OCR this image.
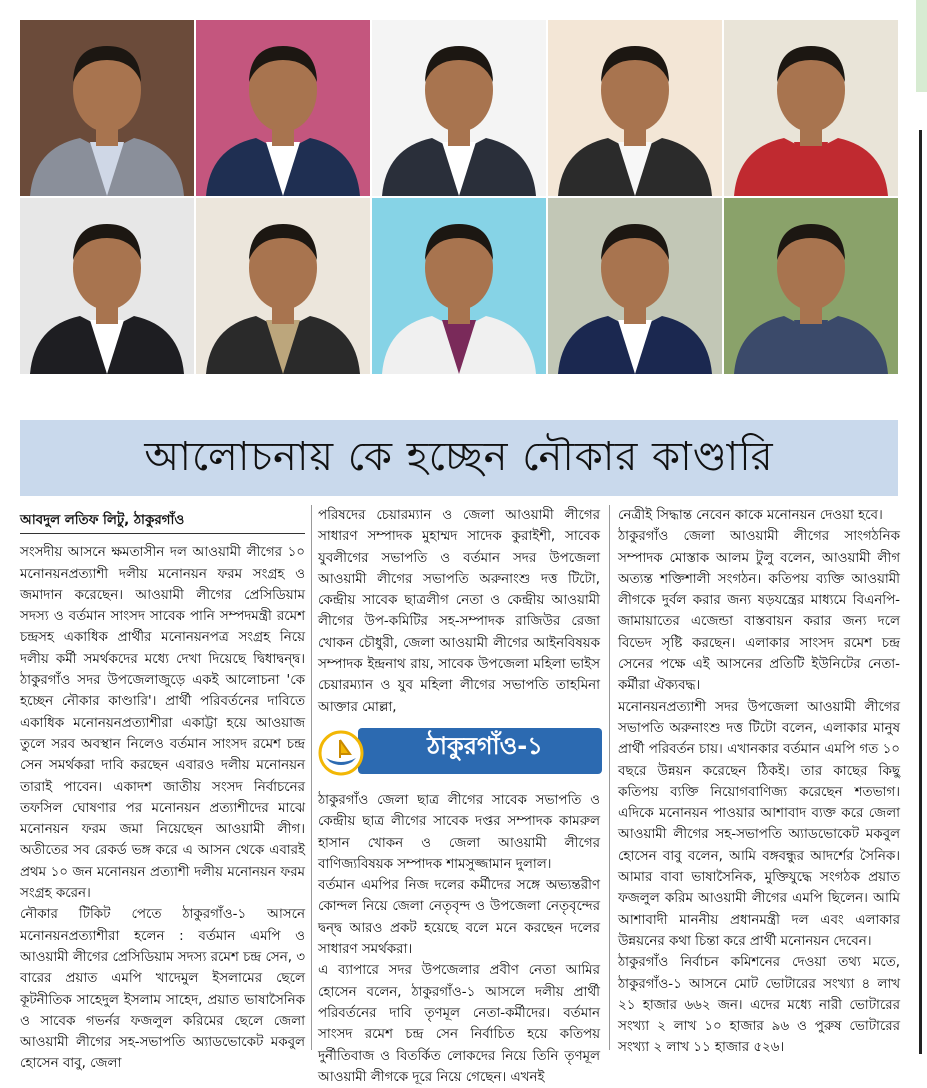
আলোচনায় কে হচ্ছেন নৌকার কাণ্ডারি
আবদুল লতিফ লিটু, ঠাকুরগাঁও

সংসদীয় আসনে ক্ষমতাসীন দল আওয়ামী লীগের ১০ মনোনয়নপ্রত্যাশী দলীয় মনোনয়ন ফরম সংগ্রহ ও জমাদান করেছেন। আওয়ামী লীগের প্রেসিডিয়াম সদস্য ও বর্তমান সাংসদ সাবেক পানি সম্পদমন্ত্রী রমেশ চন্দ্রসহ একাধিক প্রার্থীর মনোনয়নপত্র সংগ্রহ নিয়ে দলীয় কর্মী সমর্থকদের মধ্যে দেখা দিয়েছে দ্বিধাদ্বন্দ্ব। ঠাকুরগাঁও সদর উপজেলাজুড়ে একই আলোচনা 'কে হচ্ছেন নৌকার কাণ্ডারি'। প্রার্থী পরিবর্তনের দাবিতে একাধিক মনোনয়নপ্রত্যাশীরা একাট্টা হয়ে আওয়াজ তুলে সরব অবস্থান নিলেও বর্তমান সাংসদ রমেশ চন্দ্র সেন সমর্থকরা দাবি করছেন এবারও দলীয় মনোনয়ন তারাই পাবেন। একাদশ জাতীয় সংসদ নির্বাচনের তফসিল ঘোষণার পর মনোনয়ন প্রত্যাশীদের মাঝে মনোনয়ন ফরম জমা নিয়েছেন আওয়ামী লীগ। অতীতের সব রেকর্ড ভঙ্গ করে এ আসন থেকে এবারই প্রথম ১০ জন মনোনয়ন প্রত্যাশী দলীয় মনোনয়ন ফরম সংগ্রহ করেন।

নৌকার টিকিট পেতে ঠাকুরগাঁও-১ আসনে মনোনয়নপ্রত্যাশীরা হলেন : বর্তমান এমপি ও আওয়ামী লীগের প্রেসিডিয়াম সদস্য রমেশ চন্দ্র সেন, ৩ বারের প্রয়াত এমপি খাদেমুল ইসলামের ছেলে কূটনীতিক সাহেদুল ইসলাম সাহেদ, প্রয়াত ভাষাসৈনিক ও সাবেক গভর্নর ফজলুল করিমের ছেলে জেলা আওয়ামী লীগের সহ-সভাপতি অ্যাডভোকেট মকবুল হোসেন বাবু, জেলা

পরিষদের চেয়ারম্যান ও জেলা আওয়ামী লীগের সাধারণ সম্পাদক মুহাম্মদ সাদেক কুরাইশী, সাবেক যুবলীগের সভাপতি ও বর্তমান সদর উপজেলা আওয়ামী লীগের সভাপতি অরুনাংশু দত্ত টিটো, কেন্দ্রীয় সাবেক ছাত্রলীগ নেতা ও কেন্দ্রীয় আওয়ামী লীগের উপ-কমিটির সহ-সম্পাদক রাজিউর রেজা খোকন চৌধুরী, জেলা আওয়ামী লীগের আইনবিষয়ক সম্পাদক ইন্দ্রনাথ রায়, সাবেক উপজেলা মহিলা ভাইস চেয়ারম্যান ও যুব মহিলা লীগের সভাপতি তাহমিনা আক্তার মোল্লা,

ঠাকুরগাঁও-১

ঠাকুরগাঁও জেলা ছাত্র লীগের সাবেক সভাপতি ও কেন্দ্রীয় ছাত্র লীগের সাবেক দপ্তর সম্পাদক কামরুল হাসান খোকন ও জেলা আওয়ামী লীগের বাণিজ্যবিষয়ক সম্পাদক শামসুজ্জামান দুলাল।

বর্তমান এমপির নিজ দলের কর্মীদের সঙ্গে অভ্যন্তরীণ কোন্দল নিয়ে জেলা নেতৃবৃন্দ ও উপজেলা নেতৃবৃন্দের দ্বন্দ্ব আরও প্রকট হয়েছে বলে মনে করছেন দলের সাধারণ সমর্থকরা।

এ ব্যাপারে সদর উপজেলার প্রবীণ নেতা আমির হোসেন বলেন, ঠাকুরগাঁও-১ আসলে দলীয় প্রার্থী পরিবর্তনের দাবি তৃণমূল নেতা-কর্মীদের। বর্তমান সাংসদ রমেশ চন্দ্র সেন নির্বাচিত হয়ে কতিপয় দুর্নীতিবাজ ও বিতর্কিত লোকদের নিয়ে তিনি তৃণমূল আওয়ামী লীগকে দূরে নিয়ে গেছেন। এখনই

নেত্রীই সিদ্ধান্ত নেবেন কাকে মনোনয়ন দেওয়া হবে।

ঠাকুরগাঁও জেলা আওয়ামী লীগের সাংগঠনিক সম্পাদক মোস্তাক আলম টুলু বলেন, আওয়ামী লীগ অত্যন্ত শক্তিশালী সংগঠন। কতিপয় ব্যক্তি আওয়ামী লীগকে দুর্বল করার জন্য ষড়যন্ত্রের মাধ্যমে বিএনপি-জামায়াতের এজেন্ডা বাস্তবায়ন করার জন্য দলে বিভেদ সৃষ্টি করছেন। এলাকার সাংসদ রমেশ চন্দ্র সেনের পক্ষে এই আসনের প্রতিটি ইউনিটের নেতা-কর্মীরা ঐক্যবদ্ধ।

মনোনয়নপ্রত্যাশী সদর উপজেলা আওয়ামী লীগের সভাপতি অরুনাংশু দত্ত টিটো বলেন, এলাকার মানুষ প্রার্থী পরিবর্তন চায়। এখানকার বর্তমান এমপি গত ১০ বছরে উন্নয়ন করেছেন ঠিকই। তার কাছের কিছু কতিপয় ব্যক্তি নিয়োগবাণিজ্য করেছেন শতভাগ। এদিকে মনোনয়ন পাওয়ার আশাবাদ ব্যক্ত করে জেলা আওয়ামী লীগের সহ-সভাপতি অ্যাডভোকেট মকবুল হোসেন বাবু বলেন, আমি বঙ্গবন্ধুর আদর্শের সৈনিক। আমার বাবা ভাষাসৈনিক, মুক্তিযুদ্ধে সংগঠক প্রয়াত ফজলুল করিম আওয়ামী লীগের এমপি ছিলেন। আমি আশাবাদী মাননীয় প্রধানমন্ত্রী দল এবং এলাকার উন্নয়নের কথা চিন্তা করে প্রার্থী মনোনয়ন দেবেন।

ঠাকুরগাঁও নির্বাচন কমিশনের দেওয়া তথ্য মতে, ঠাকুরগাঁও-১ আসনে মোট ভোটারের সংখ্যা ৪ লাখ ২১ হাজার ৬৬২ জন। এদের মধ্যে নারী ভোটারের সংখ্যা ২ লাখ ১০ হাজার ৯৬ ও পুরুষ ভোটারের সংখ্যা ২ লাখ ১১ হাজার ৫২৬।
